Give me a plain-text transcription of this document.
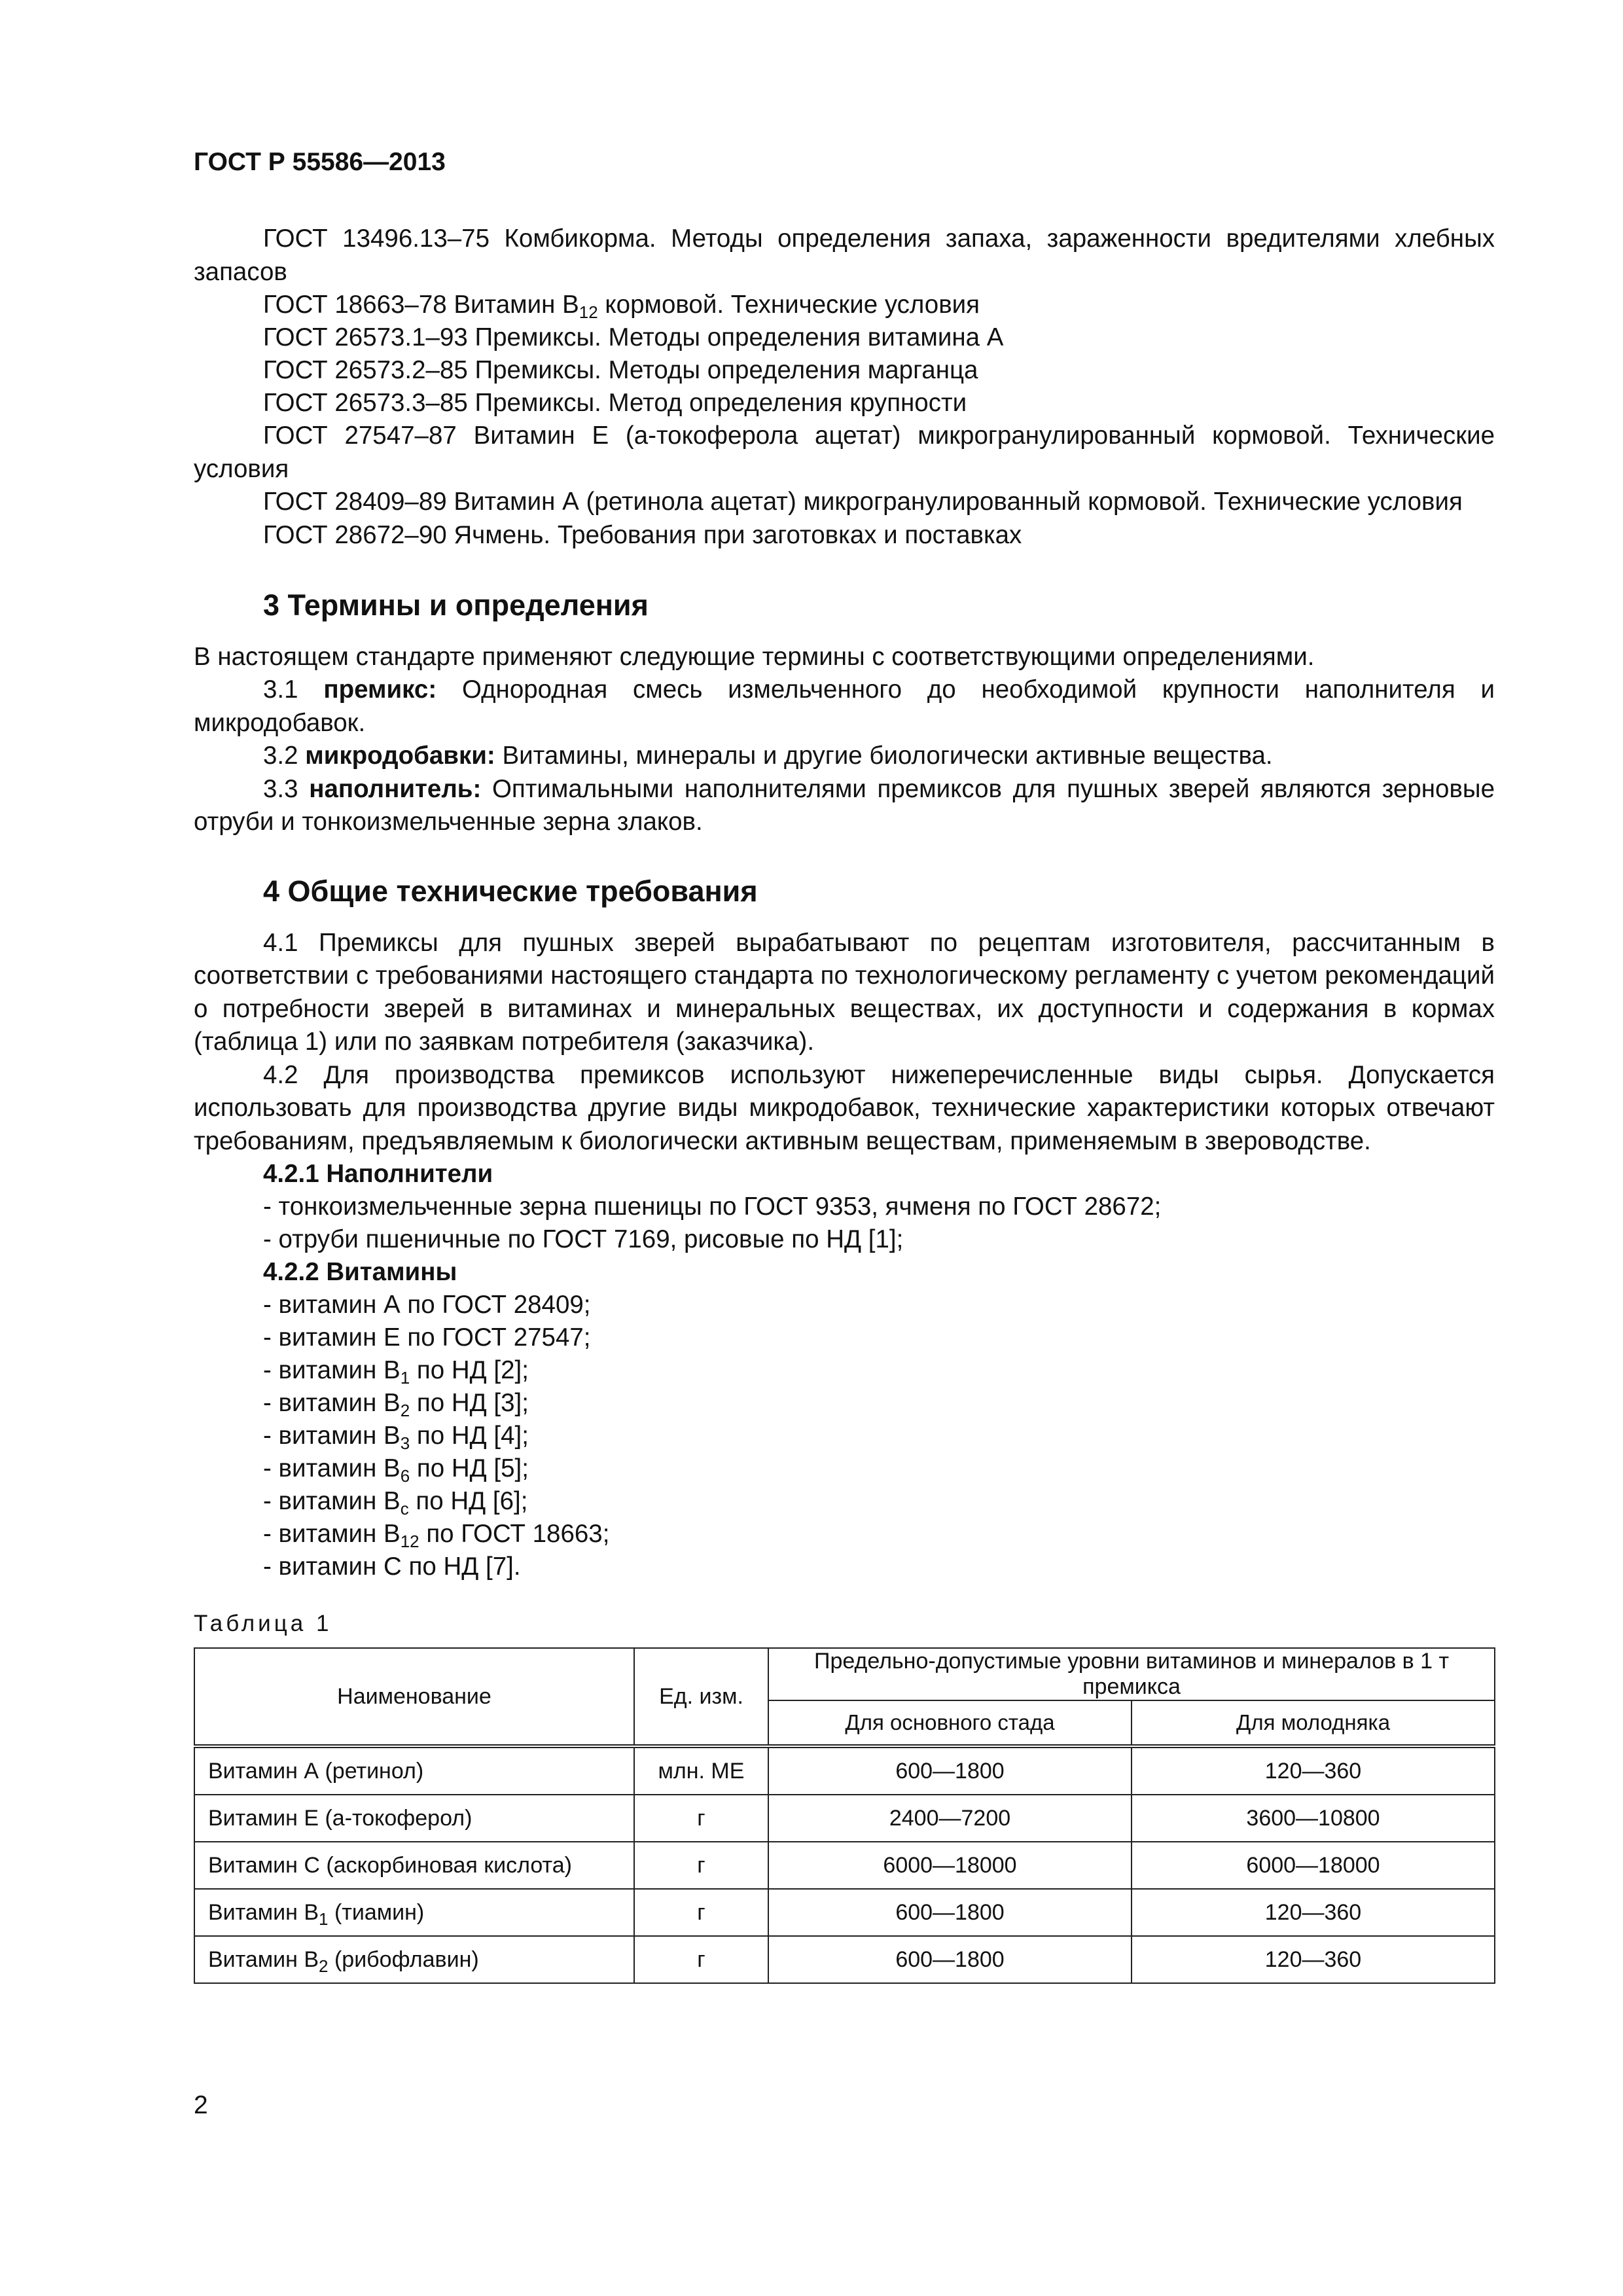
ГОСТ Р 55586—2013

ГОСТ 13496.13–75 Комбикорма. Методы определения запаха, зараженности вредителями хлебных запасов

ГОСТ 18663–78 Витамин $В_{12}$ кормовой. Технические условия
ГОСТ 26573.1–93 Премиксы. Методы определения витамина А
ГОСТ 26573.2–85 Премиксы. Методы определения марганца
ГОСТ 26573.3–85 Премиксы. Метод определения крупности

ГОСТ 27547–87 Витамин Е (а-токоферола ацетат) микрогранулированный кормовой. Технические условия

ГОСТ 28409–89 Витамин А (ретинола ацетат) микрогранулированный кормовой. Технические условия

ГОСТ 28672–90 Ячмень. Требования при заготовках и поставках
3 Термины и определения

В настоящем стандарте применяют следующие термины с соответствующими определениями.

3.1 премикс: Однородная смесь измельченного до необходимой крупности наполнителя и микродобавок.

3.2 микродобавки: Витамины, минералы и другие биологически активные вещества.

3.3 наполнитель: Оптимальными наполнителями премиксов для пушных зверей являются зерновые отруби и тонкоизмельченные зерна злаков.

4 Общие технические требования

4.1 Премиксы для пушных зверей вырабатывают по рецептам изготовителя, рассчитанным в соответствии с требованиями настоящего стандарта по технологическому регламенту с учетом рекомендаций о потребности зверей в витаминах и минеральных веществах, их доступности и содержания в кормах (таблица 1) или по заявкам потребителя (заказчика).

4.2 Для производства премиксов используют нижеперечисленные виды сырья. Допускается использовать для производства другие виды микродобавок, технические характеристики которых отвечают требованиям, предъявляемым к биологически активным веществам, применяемым в звероводстве.

4.2.1 Наполнители
- тонкоизмельченные зерна пшеницы по ГОСТ 9353, ячменя по ГОСТ 28672;
- отруби пшеничные по ГОСТ 7169, рисовые по НД [1];
4.2.2 Витамины
- витамин А по ГОСТ 28409;
- витамин Е по ГОСТ 27547;
- витамин $В_1$ по НД [2];
- витамин $В_2$ по НД [3];
- витамин $В_3$ по НД [4];
- витамин $В_6$ по НД [5];
- витамин $В_с$ по НД [6];
- витамин $В_{12}$ по ГОСТ 18663;
- витамин С по НД [7].
Таблица 1
Наименование	Ед. изм.	Предельно-допустимые уровни витаминов и минералов в 1 т премикса	
		Для основного стада	Для молодняка
Витамин А (ретинол)	млн. МЕ	600—1800	120—360
Витамин Е (а-токоферол)	г	2400—7200	3600—10800
Витамин С (аскорбиновая кислота)	г	6000—18000	6000—18000
Витамин $В_1$ (тиамин)	г	600—1800	120—360
Витамин $В_2$ (рибофлавин)	г	600—1800	120—360
2
